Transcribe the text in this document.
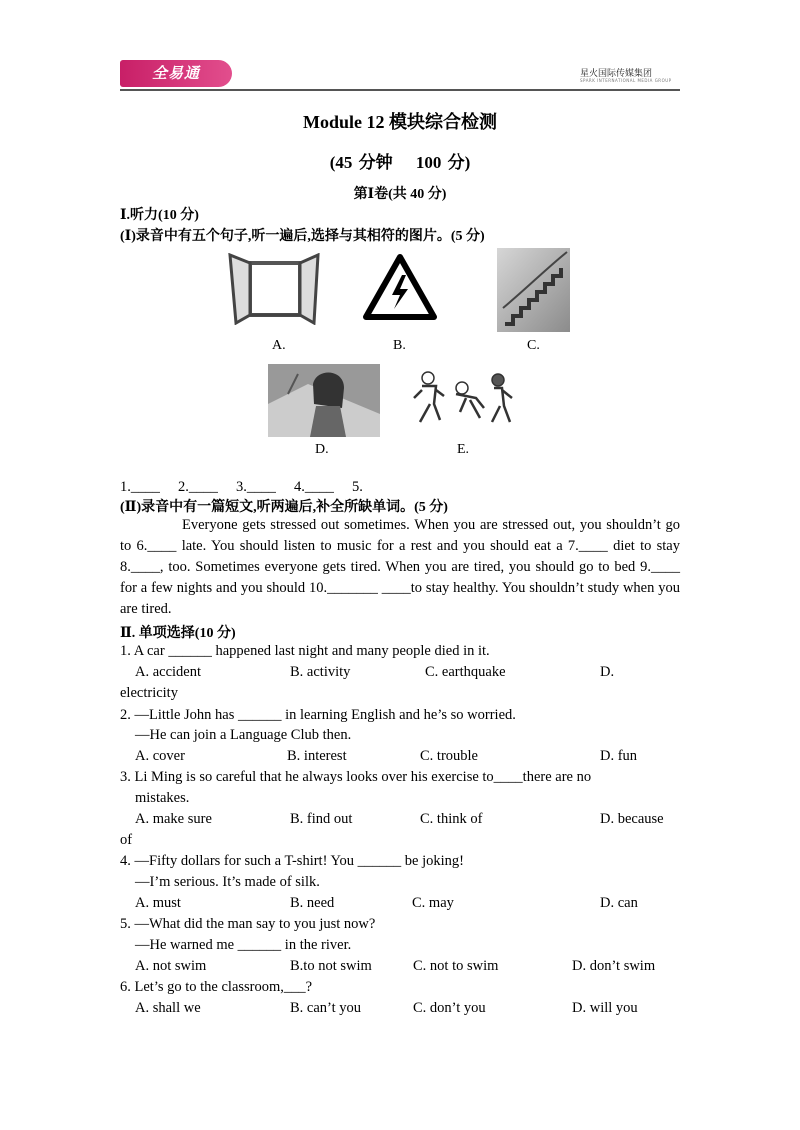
全易通	星火国际传媒集团
SPARK INTERNATIONAL MEDIA GROUP
Module 12 模块综合检测
(45 分钟　 100 分)
第Ⅰ卷(共 40 分)
Ⅰ.听力(10 分)
(Ⅰ)录音中有五个句子,听一遍后,选择与其相符的图片。(5 分)
A.	B.	C.
D.	E.
1.____　 2.____　 3.____　 4.____　 5.
(Ⅱ)录音中有一篇短文,听两遍后,补全所缺单词。(5 分)

Everyone gets stressed out sometimes. When you are stressed out, you shouldn’t go to 6.____ late. You should listen to music for a rest and you should eat a 7.____ diet to stay 8.____, too. Sometimes everyone gets tired. When you are tired, you should go to bed 9.____ for a few nights and you should 10._______ ____to stay healthy. You shouldn’t study when you are tired.

Ⅱ. 单项选择(10 分)
1. A car ______ happened last night and many people died in it.
A. accident	B. activity	C. earthquake	D.
electricity
2. —Little John has ______ in learning English and he’s so worried.
—He can join a Language Club then.
A. cover	B. interest	C. trouble	D. fun
3. Li Ming is so careful that he always looks over his exercise to____there are no
mistakes.
A. make sure	B. find out	C. think of	D. because
of
4. —Fifty dollars for such a T-shirt! You ______ be joking!
—I’m serious. It’s made of silk.
A. must	B. need	C. may	D. can
5. —What did the man say to you just now?
—He warned me ______ in the river.
A. not swim	B.to not swim	C. not to swim	D. don’t swim
6. Let’s go to the classroom,___?
A. shall we	B. can’t you	C. don’t you	D. will you
